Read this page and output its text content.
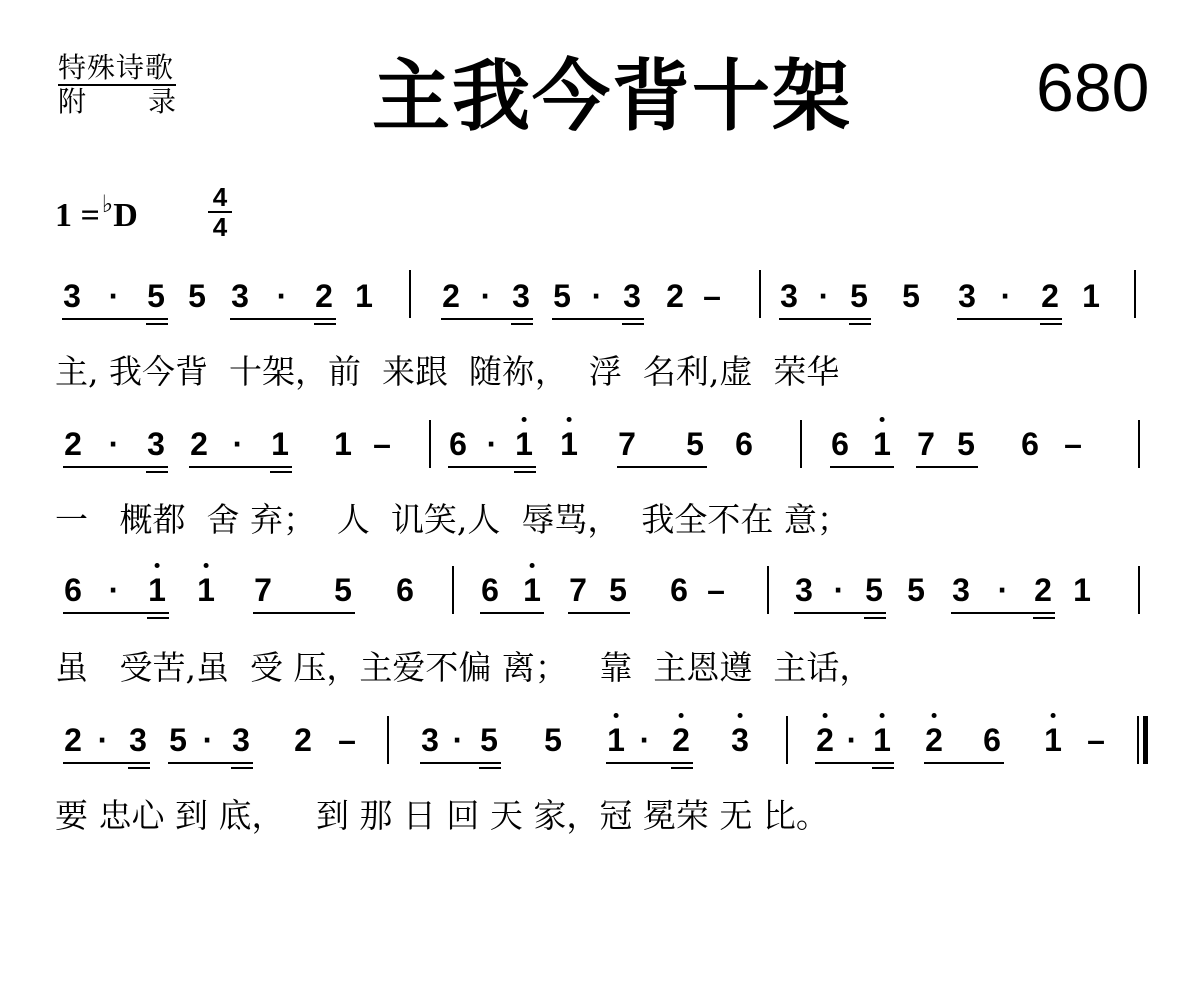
特殊诗歌
附 录	主我今背十架	680
1 =♭D	4
4
3 · 5 5 3 · 2 1 2 · 3 5 · 3 2 – 3 · 5 5 3 · 2 1
2 · 3 2 · 1 1 – 6 · 1 1 7 5 6 6 1 7 5 6 –
6 · 1 1 7 5 6 6 1 7 5 6 – 3 · 5 5 3 · 2 1
2 · 3 5 · 3 2 – 3 · 5 5 1 · 2 3 2 · 1 2 6 1 –
主, 我今背  十架，前  来跟  随祢，  浮  名利,虚  荣华
一   概都  舍 弃；  人  讥笑,人  辱骂，  我全不在 意；
虽   受苦,虽  受 压，主爱不偏 离；   靠  主恩遵  主话，
要 忠心 到 底，   到 那 日 回 天 家，冠 冕荣 无 比。
